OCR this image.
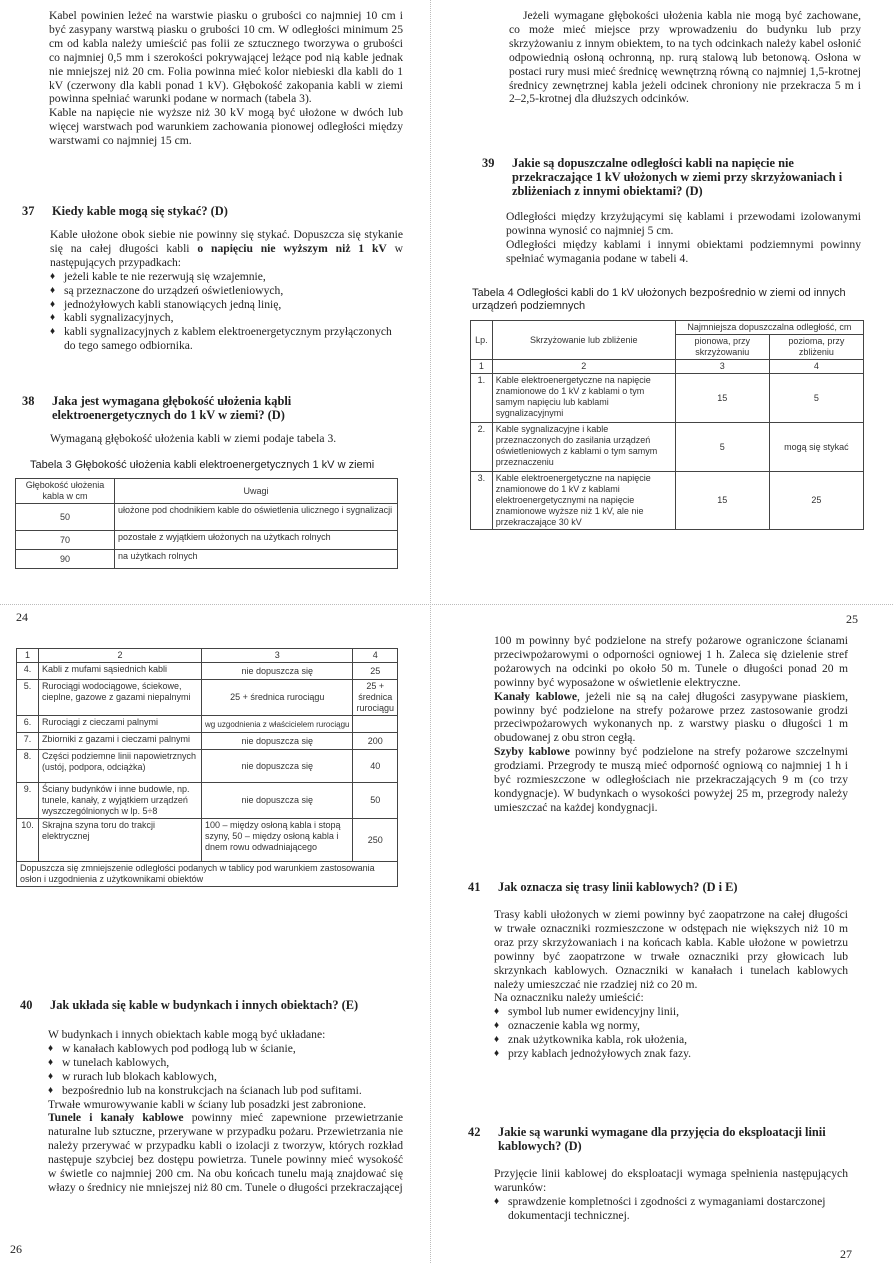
Kabel powinien leżeć na warstwie piasku o grubości co najmniej 10 cm i być zasypany warstwą piasku o grubości 10 cm. W odległości minimum 25 cm od kabla należy umieścić pas folii ze sztucznego tworzywa o grubości co najmniej 0,5 mm i szerokości pokrywającej leżące pod nią kable jednak nie mniejszej niż 20 cm. Folia powinna mieć kolor niebieski dla kabli do 1 kV (czerwony dla kabli ponad 1 kV). Głębokość zakopania kabli w ziemi powinna spełniać warunki podane w normach (tabela 3).

Kable na napięcie nie wyższe niż 30 kV mogą być ułożone w dwóch lub więcej warstwach pod warunkiem zachowania pionowej odległości między warstwami co najmniej 15 cm.

37	Kiedy kable mogą się stykać? (D)

Kable ułożone obok siebie nie powinny się stykać. Dopuszcza się stykanie się na całej długości kabli o napięciu nie wyższym niż 1 kV w następujących przypadkach:

♦ jeżeli kable te nie rezerwują się wzajemnie,
♦ są przeznaczone do urządzeń oświetleniowych,
♦ jednożyłowych kabli stanowiących jedną linię,
♦ kabli sygnalizacyjnych,
♦ kabli sygnalizacyjnych z kablem elektroenergetycznym przyłączonych do tego samego odbiornika.
38	Jaka jest wymagana głębokość ułożenia kąbli elektroenergetycznych do 1 kV w ziemi? (D)

Wymaganą głębokość ułożenia kabli w ziemi podaje tabela 3.

Tabela 3 Głębokość ułożenia kabli elektroenergetycznych 1 kV w ziemi
Głębokość ułożenia kabla w cm	Uwagi
50	ułożone pod chodnikiem kable do oświetlenia ulicznego i sygnalizacji
70	pozostałe z wyjątkiem ułożonych na użytkach rolnych
90	na użytkach rolnych
24

Jeżeli wymagane głębokości ułożenia kabla nie mogą być zachowane, co może mieć miejsce przy wprowadzeniu do budynku lub przy skrzyżowaniu z innym obiektem, to na tych odcinkach należy kabel osłonić odpowiednią osłoną ochronną, np. rurą stalową lub betonową. Osłona w postaci rury musi mieć średnicę wewnętrzną równą co najmniej 1,5-krotnej średnicy zewnętrznej kabla jeżeli odcinek chroniony nie przekracza 5 m i 2–2,5-krotnej dla dłuższych odcinków.

39	Jakie są dopuszczalne odległości kabli na napięcie nie przekraczające 1 kV ułożonych w ziemi przy skrzyżowaniach i zbliżeniach z innymi obiektami? (D)

Odległości między krzyżującymi się kablami i przewodami izolowanymi powinna wynosić co najmniej 5 cm.

Odległości między kablami i innymi obiektami podziemnymi powinny spełniać wymagania podane w tabeli 4.

Tabela 4 Odległości kabli do 1 kV ułożonych bezpośrednio w ziemi od innych urządzeń podziemnych
Lp.	Skrzyżowanie lub zbliżenie	Najmniejsza dopuszczalna odległość, cm	
		pionowa, przy skrzyżowaniu	pozioma, przy zbliżeniu
1	2	3	4
1.	Kable elektroenergetyczne na napięcie znamionowe do 1 kV z kablami o tym samym napięciu lub kablami sygnalizacyjnymi	15	5
2.	Kable sygnalizacyjne i kable przeznaczonych do zasilania urządzeń oświetleniowych z kablami o tym samym przeznaczeniu	5	mogą się stykać
3.	Kable elektroenergetyczne na napięcie znamionowe do 1 kV z kablami elektroenergetycznymi na napięcie znamionowe wyższe niż 1 kV, ale nie przekraczające 30 kV	15	25
25
1	2	3	4
4.	Kabli z mufami sąsiednich kabli	nie dopuszcza się	25
5.	Rurociągi wodociągowe, ściekowe, cieplne, gazowe z gazami niepalnymi	25 + średnica rurociągu	25 + średnica rurociągu
6.	Rurociągi z cieczami palnymi	wg uzgodnienia z właścicielem rurociągu	
7.	Zbiorniki z gazami i cieczami palnymi	nie dopuszcza się	200
8.	Części podziemne linii napowietrznych (ustój, podpora, odciążka)	nie dopuszcza się	40
9.	Ściany budynków i inne budowle, np. tunele, kanały, z wyjątkiem urządzeń wyszczególnionych w lp. 5÷8	nie dopuszcza się	50
10.	Skrajna szyna toru do trakcji elektrycznej	100 – między osłoną kabla i stopą szyny, 50 – między osłoną kabla i dnem rowu odwadniającego	250
Dopuszcza się zmniejszenie odległości podanych w tablicy pod warunkiem zastosowania osłon i uzgodnienia z użytkownikami obiektów			
40	Jak układa się kable w budynkach i innych obiektach? (E)

W budynkach i innych obiektach kable mogą być układane:

♦ w kanałach kablowych pod podłogą lub w ścianie,
♦ w tunelach kablowych,
♦ w rurach lub blokach kablowych,
♦ bezpośrednio lub na konstrukcjach na ścianach lub pod sufitami.

Trwałe wmurowywanie kabli w ściany lub posadzki jest zabronione.

Tunele i kanały kablowe powinny mieć zapewnione przewietrzanie naturalne lub sztuczne, przerywane w przypadku pożaru. Przewietrzania nie należy przerywać w przypadku kabli o izolacji z tworzyw, których rozkład następuje szybciej bez dostępu powietrza. Tunele powinny mieć wysokość w świetle co najmniej 200 cm. Na obu końcach tunelu mają znajdować się włazy o średnicy nie mniejszej niż 80 cm. Tunele o długości przekraczającej

26

100 m powinny być podzielone na strefy pożarowe ograniczone ścianami przeciwpożarowymi o odporności ogniowej 1 h. Zaleca się dzielenie stref pożarowych na odcinki po około 50 m. Tunele o długości ponad 20 m powinny być wyposażone w oświetlenie elektryczne.

Kanały kablowe, jeżeli nie są na całej długości zasypywane piaskiem, powinny być podzielone na strefy pożarowe przez zastosowanie grodzi przeciwpożarowych wykonanych np. z warstwy piasku o długości 1 m obudowanej z obu stron cegłą.

Szyby kablowe powinny być podzielone na strefy pożarowe szczelnymi grodziami. Przegrody te muszą mieć odporność ogniową co najmniej 1 h i być rozmieszczone w odległościach nie przekraczających 9 m (co trzy kondygnacje). W budynkach o wysokości powyżej 25 m, przegrody należy umieszczać na każdej kondygnacji.

41	Jak oznacza się trasy linii kablowych? (D i E)

Trasy kabli ułożonych w ziemi powinny być zaopatrzone na całej długości w trwałe oznaczniki rozmieszczone w odstępach nie większych niż 10 m oraz przy skrzyżowaniach i na końcach kabla. Kable ułożone w powietrzu powinny być zaopatrzone w trwałe oznaczniki przy głowicach lub skrzynkach kablowych. Oznaczniki w kanałach i tunelach kablowych należy umieszczać nie rzadziej niż co 20 m.

Na oznaczniku należy umieścić:

♦ symbol lub numer ewidencyjny linii,
♦ oznaczenie kabla wg normy,
♦ znak użytkownika kabla, rok ułożenia,
♦ przy kablach jednożyłowych znak fazy.
42	Jakie są warunki wymagane dla przyjęcia do eksploatacji linii kablowych? (D)

Przyjęcie linii kablowej do eksploatacji wymaga spełnienia następujących warunków:

♦ sprawdzenie kompletności i zgodności z wymaganiami dostarczonej dokumentacji technicznej.
27
